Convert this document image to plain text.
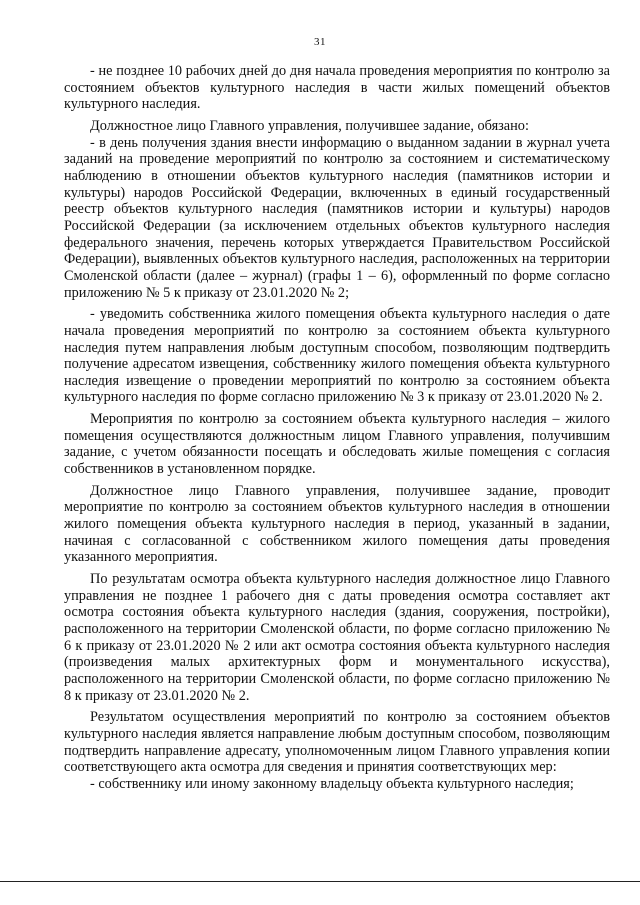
31

- не позднее 10 рабочих дней до дня начала проведения мероприятия по контролю за состоянием объектов культурного наследия в части жилых помещений объектов культурного наследия.

Должностное лицо Главного управления, получившее задание, обязано:

- в день получения здания внести информацию о выданном задании в журнал учета заданий на проведение мероприятий по контролю за состоянием и систематическому наблюдению в отношении объектов культурного наследия (памятников истории и культуры) народов Российской Федерации, включенных в единый государственный реестр объектов культурного наследия (памятников истории и культуры) народов Российской Федерации (за исключением отдельных объектов культурного наследия федерального значения, перечень которых утверждается Правительством Российской Федерации), выявленных объектов культурного наследия, расположенных на территории Смоленской области (далее – журнал) (графы 1 – 6), оформленный по форме согласно приложению № 5 к приказу от 23.01.2020 № 2;

- уведомить собственника жилого помещения объекта культурного наследия о дате начала проведения мероприятий по контролю за состоянием объекта культурного наследия путем направления любым доступным способом, позволяющим подтвердить получение адресатом извещения, собственнику жилого помещения объекта культурного наследия извещение о проведении мероприятий по контролю за состоянием объекта культурного наследия по форме согласно приложению № 3 к приказу от 23.01.2020 № 2.

Мероприятия по контролю за состоянием объекта культурного наследия – жилого помещения осуществляются должностным лицом Главного управления, получившим задание, с учетом обязанности посещать и обследовать жилые помещения с согласия собственников в установленном порядке.

Должностное лицо Главного управления, получившее задание, проводит мероприятие по контролю за состоянием объектов культурного наследия в отношении жилого помещения объекта культурного наследия в период, указанный в задании, начиная с согласованной с собственником жилого помещения даты проведения указанного мероприятия.

По результатам осмотра объекта культурного наследия должностное лицо Главного управления не позднее 1 рабочего дня с даты проведения осмотра составляет акт осмотра состояния объекта культурного наследия (здания, сооружения, постройки), расположенного на территории Смоленской области, по форме согласно приложению № 6 к приказу от 23.01.2020 № 2 или акт осмотра состояния объекта культурного наследия (произведения малых архитектурных форм и монументального искусства), расположенного на территории Смоленской области, по форме согласно приложению № 8 к приказу от 23.01.2020 № 2.

Результатом осуществления мероприятий по контролю за состоянием объектов культурного наследия является направление любым доступным способом, позволяющим подтвердить направление адресату, уполномоченным лицом Главного управления копии соответствующего акта осмотра для сведения и принятия соответствующих мер:

- собственнику или иному законному владельцу объекта культурного наследия;
